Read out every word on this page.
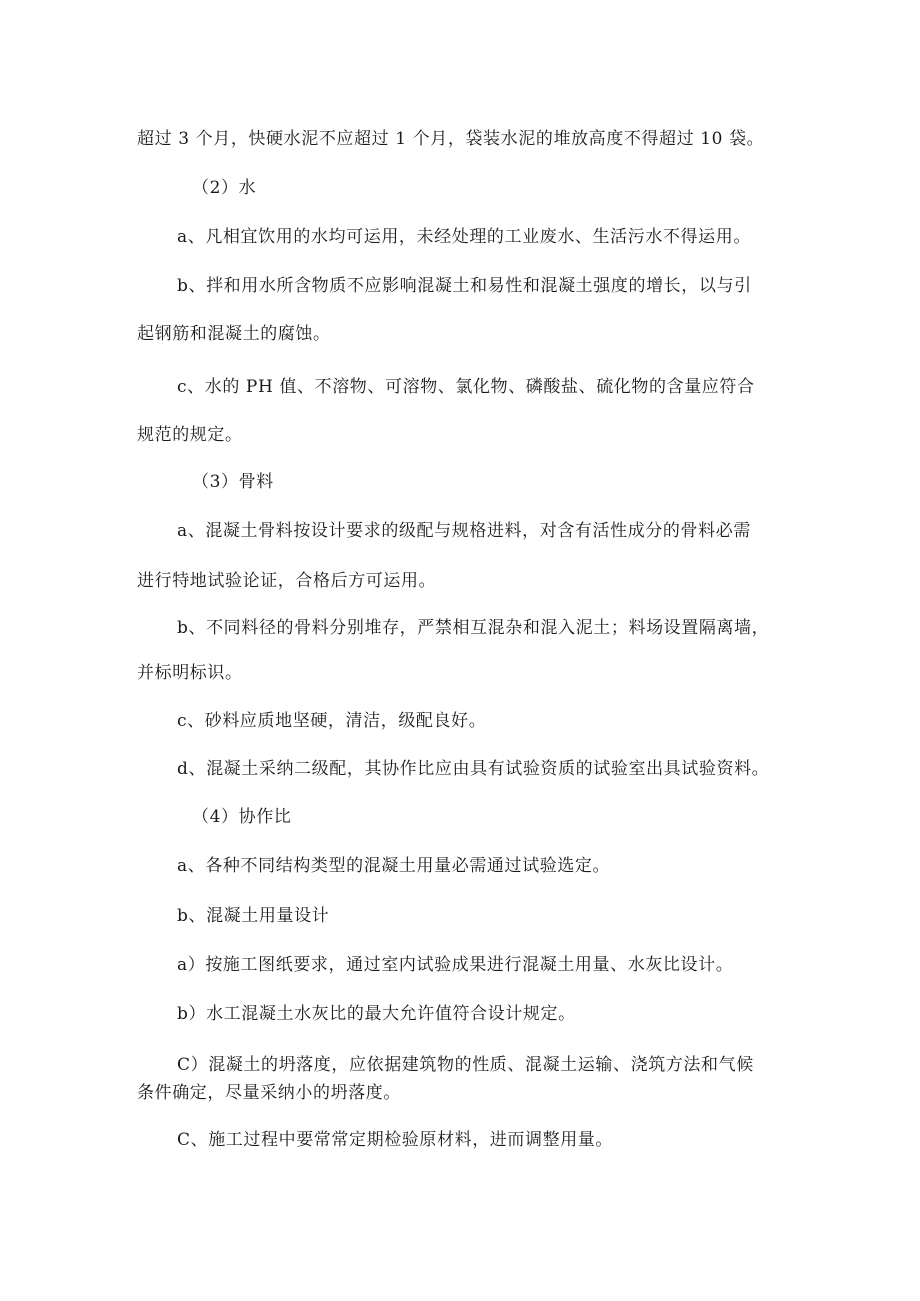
超过 3 个月，快硬水泥不应超过 1 个月，袋装水泥的堆放高度不得超过 10 袋。
（2）水
a、凡相宜饮用的水均可运用，未经处理的工业废水、生活污水不得运用。
b、拌和用水所含物质不应影响混凝土和易性和混凝土强度的增长，以与引
起钢筋和混凝土的腐蚀。
c、水的 PH 值、不溶物、可溶物、氯化物、磷酸盐、硫化物的含量应符合
规范的规定。
（3）骨料
a、混凝土骨料按设计要求的级配与规格进料，对含有活性成分的骨料必需
进行特地试验论证，合格后方可运用。
b、不同料径的骨料分别堆存，严禁相互混杂和混入泥土；料场设置隔离墙，
并标明标识。
c、砂料应质地坚硬，清洁，级配良好。
d、混凝土采纳二级配，其协作比应由具有试验资质的试验室出具试验资料。
（4）协作比
a、各种不同结构类型的混凝土用量必需通过试验选定。
b、混凝土用量设计
a）按施工图纸要求，通过室内试验成果进行混凝土用量、水灰比设计。
b）水工混凝土水灰比的最大允许值符合设计规定。
C）混凝土的坍落度，应依据建筑物的性质、混凝土运输、浇筑方法和气候
条件确定，尽量采纳小的坍落度。
C、施工过程中要常常定期检验原材料，进而调整用量。
